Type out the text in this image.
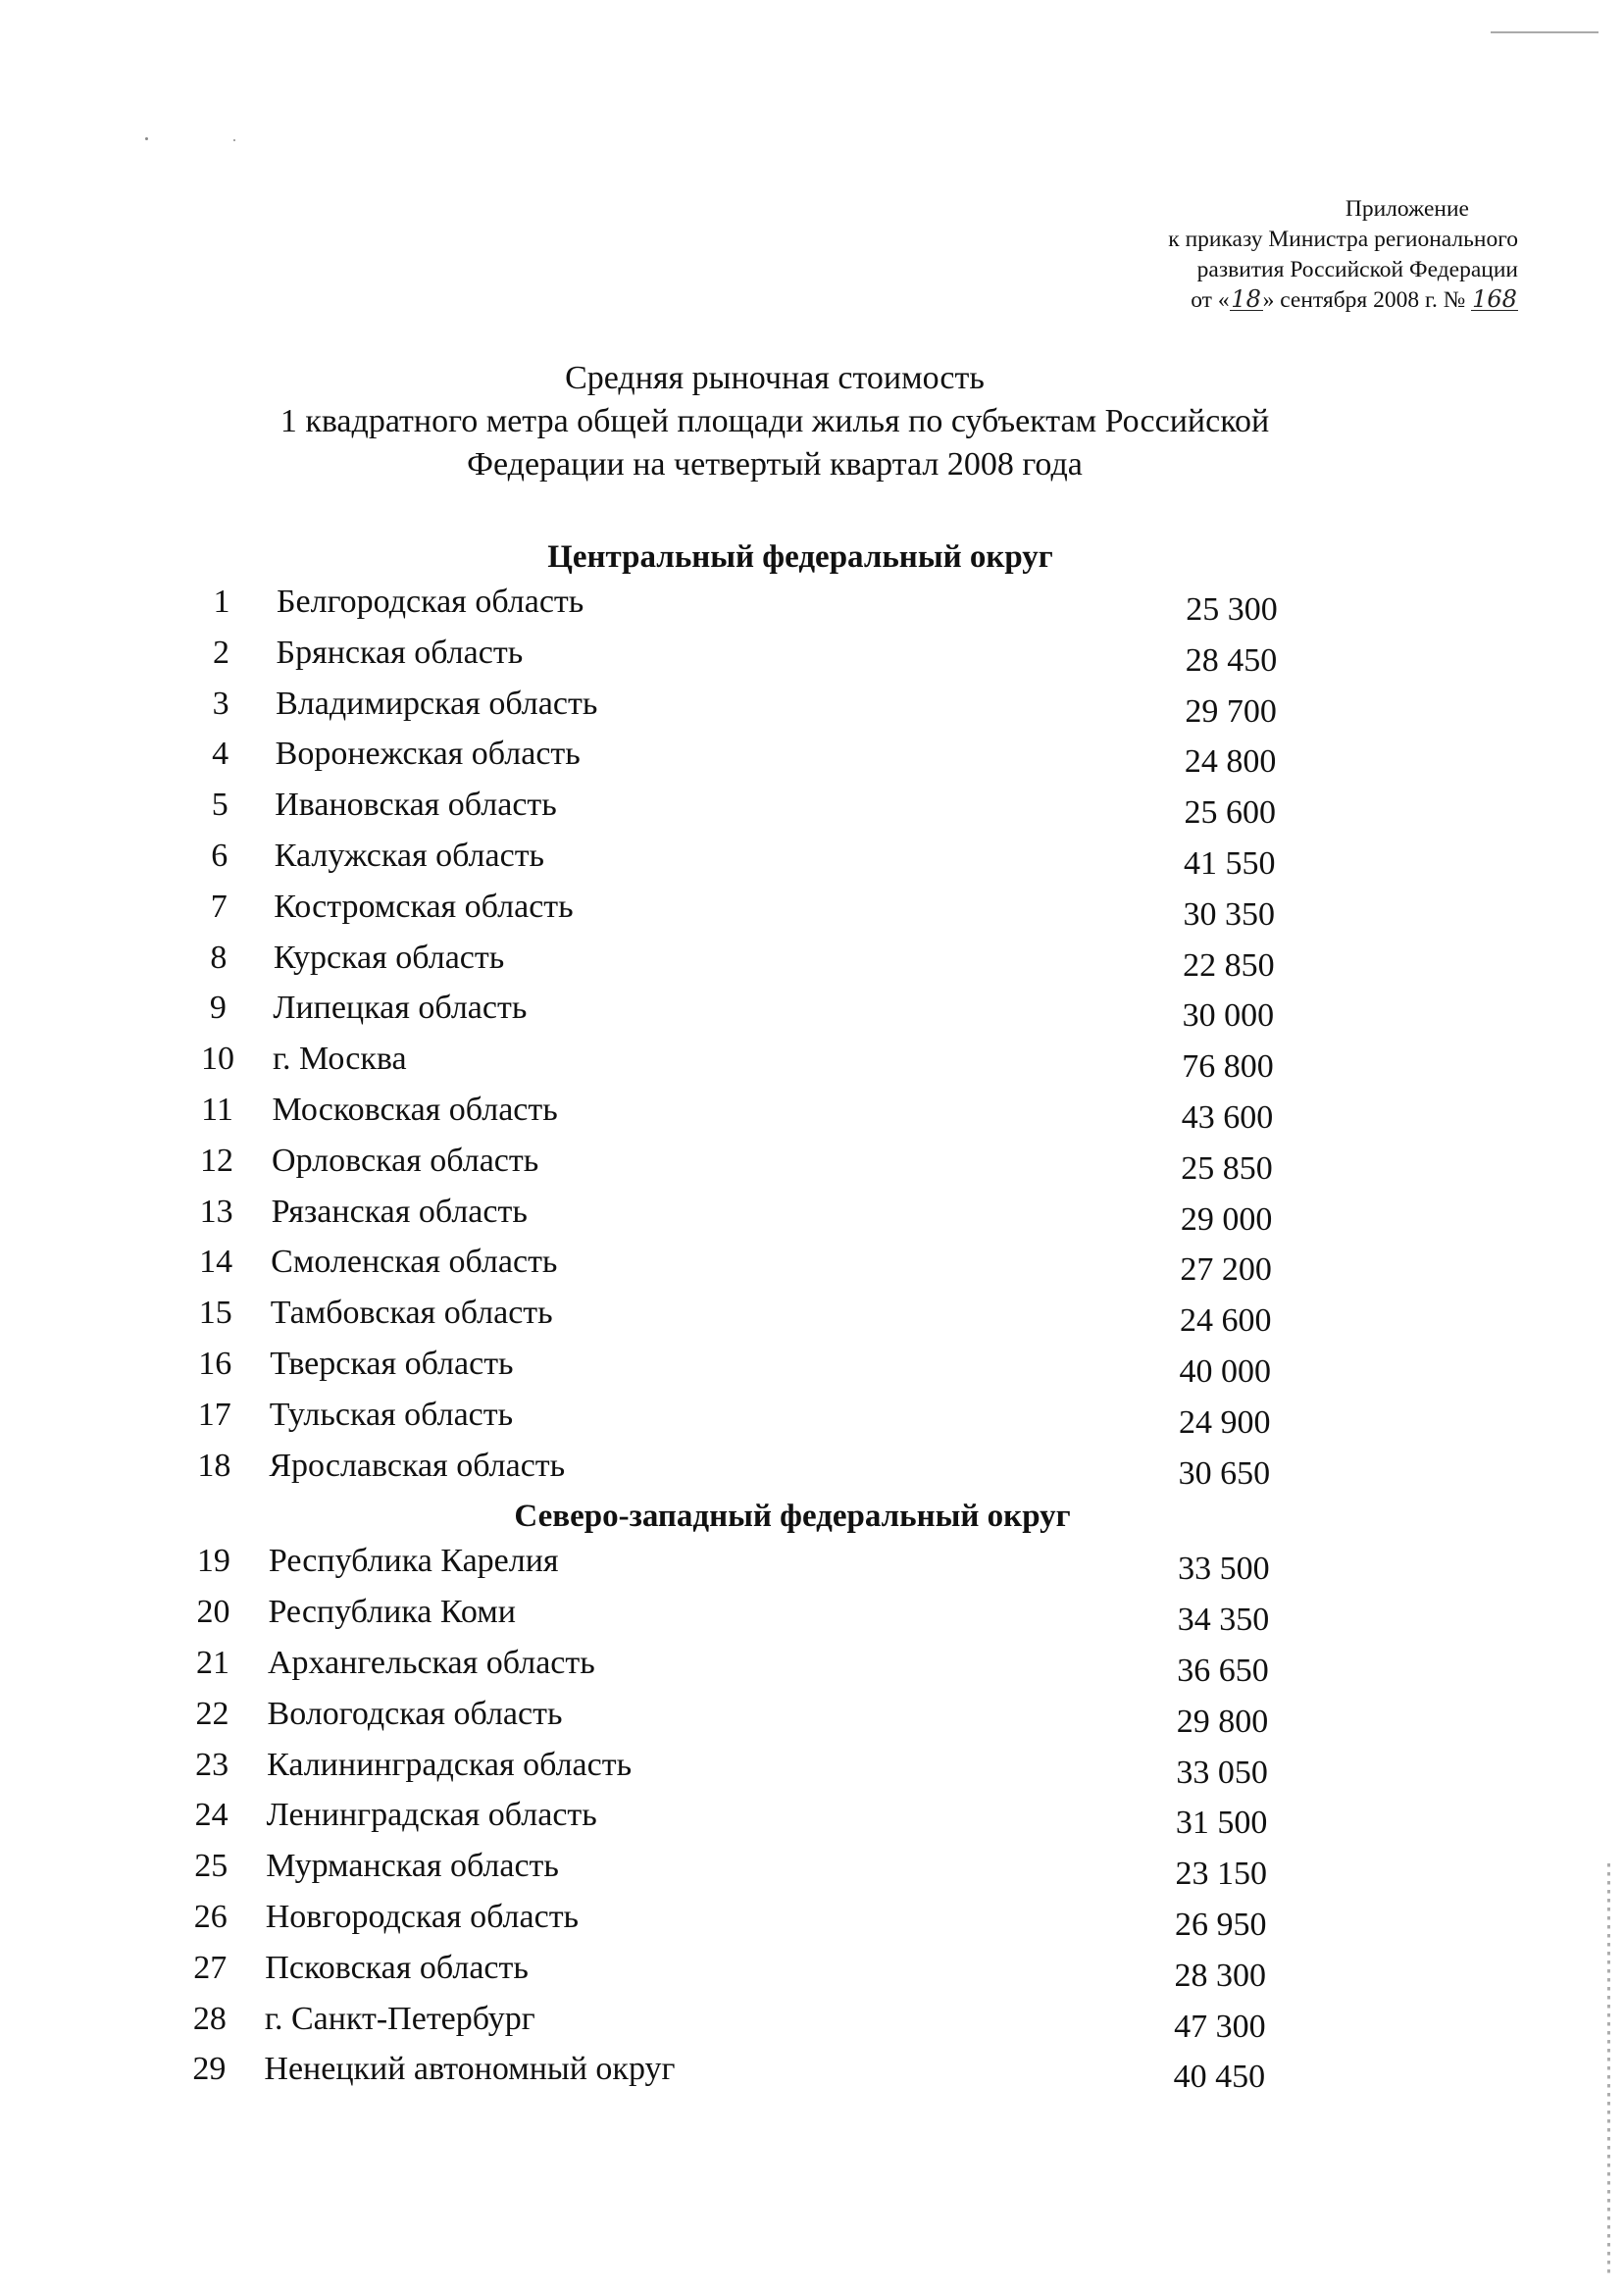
Приложение
к приказу Министра регионального
развития Российской Федерации
от «18» сентября 2008 г. № 168
Средняя рыночная стоимость
1 квадратного метра общей площади жилья по субъектам Российской
Федерации на четвертый квартал 2008 года
Центральный федеральный округ
1	Белгородская область	25 300
2	Брянская область	28 450
3	Владимирская область	29 700
4	Воронежская область	24 800
5	Ивановская область	25 600
6	Калужская область	41 550
7	Костромская область	30 350
8	Курская область	22 850
9	Липецкая область	30 000
10	г. Москва	76 800
11	Московская область	43 600
12	Орловская область	25 850
13	Рязанская область	29 000
14	Смоленская область	27 200
15	Тамбовская область	24 600
16	Тверская область	40 000
17	Тульская область	24 900
18	Ярославская область	30 650
Северо-западный федеральный округ
19	Республика Карелия	33 500
20	Республика Коми	34 350
21	Архангельская область	36 650
22	Вологодская область	29 800
23	Калининградская область	33 050
24	Ленинградская область	31 500
25	Мурманская область	23 150
26	Новгородская область	26 950
27	Псковская область	28 300
28	г. Санкт-Петербург	47 300
29	Ненецкий автономный округ	40 450
